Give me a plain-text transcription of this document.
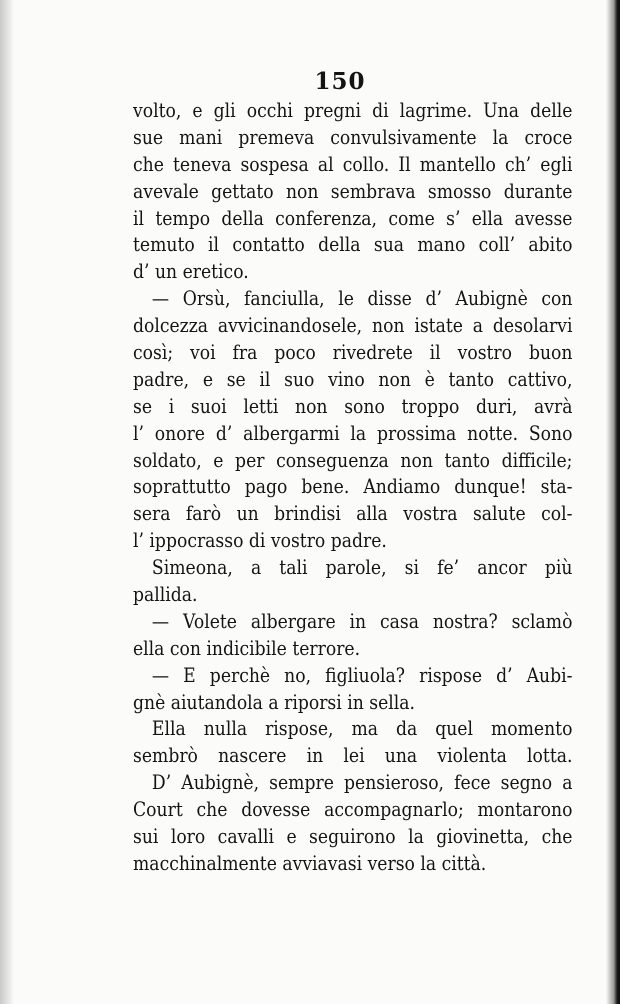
150
volto, e gli occhi pregni di lagrime. Una delle
sue mani premeva convulsivamente la croce
che teneva sospesa al collo. Il mantello ch’ egli
avevale gettato non sembrava smosso durante
il tempo della conferenza, come s’ ella avesse
temuto il contatto della sua mano coll’ abito
d’ un eretico.
— Orsù, fanciulla, le disse d’ Aubignè con
dolcezza avvicinandosele, non istate a desolarvi
così; voi fra poco rivedrete il vostro buon
padre, e se il suo vino non è tanto cattivo,
se i suoi letti non sono troppo duri, avrà
l’ onore d’ albergarmi la prossima notte. Sono
soldato, e per conseguenza non tanto difficile;
soprattutto pago bene. Andiamo dunque! sta-
sera farò un brindisi alla vostra salute col-
l’ ippocrasso di vostro padre.
Simeona, a tali parole, si fe’ ancor più
pallida.
— Volete albergare in casa nostra? sclamò
ella con indicibile terrore.
— E perchè no, figliuola? rispose d’ Aubi-
gnè aiutandola a riporsi in sella.
Ella nulla rispose, ma da quel momento
sembrò nascere in lei una violenta lotta.
D’ Aubignè, sempre pensieroso, fece segno a
Court che dovesse accompagnarlo; montarono
sui loro cavalli e seguirono la giovinetta, che
macchinalmente avviavasi verso la città.
